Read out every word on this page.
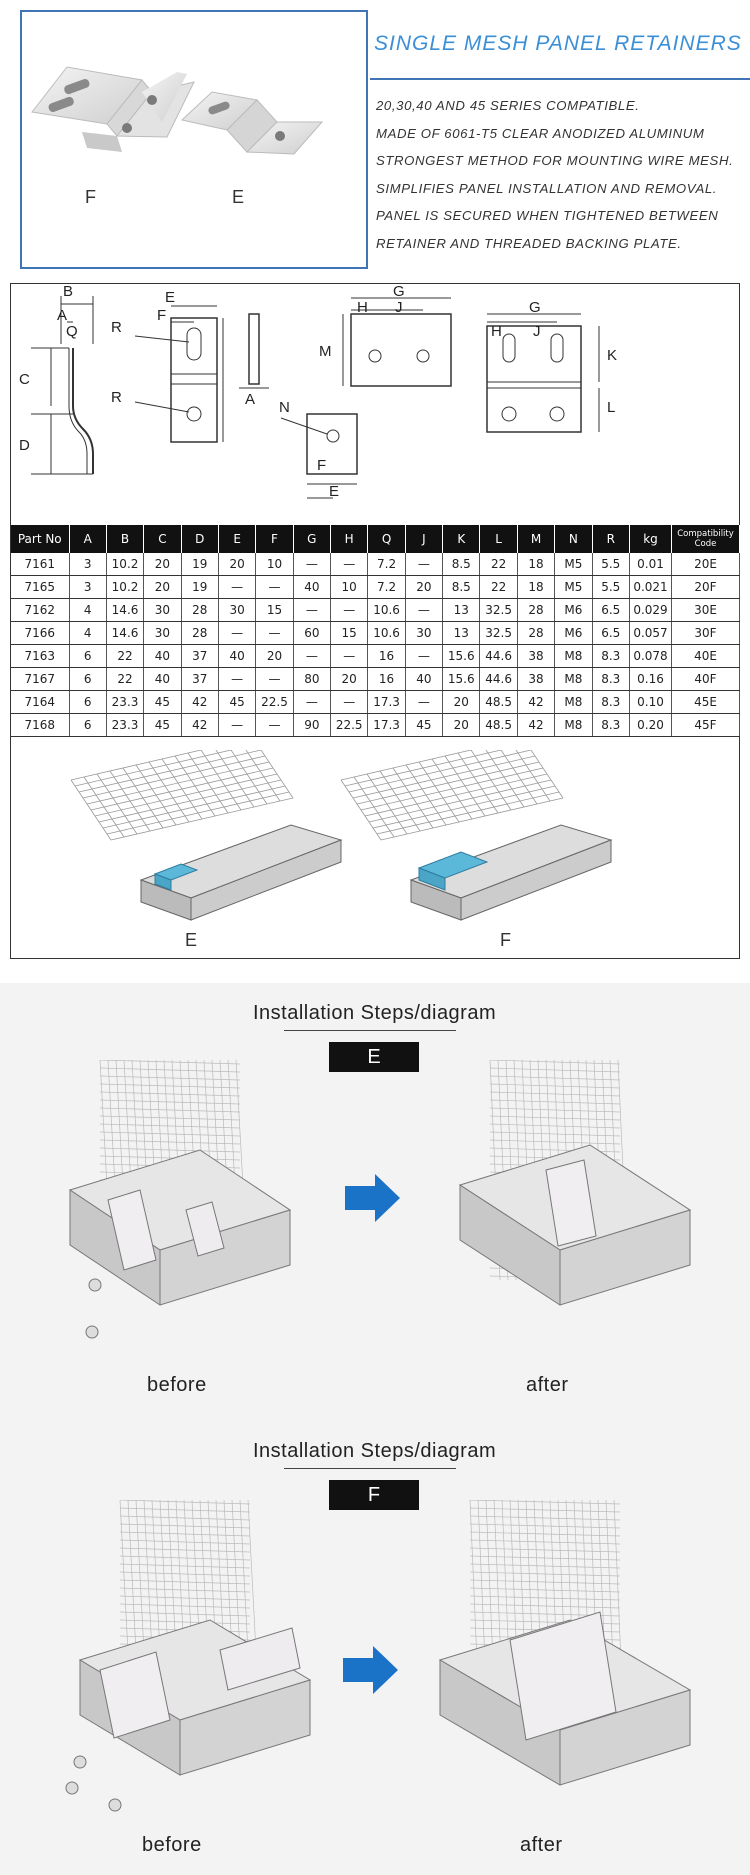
F	E
SINGLE MESH PANEL RETAINERS
20,30,40 AND 45 SERIES COMPATIBLE.
MADE OF 6061-T5 CLEAR ANODIZED ALUMINUM
STRONGEST METHOD FOR MOUNTING WIRE MESH.
SIMPLIFIES PANEL INSTALLATION AND REMOVAL.
PANEL IS SECURED WHEN TIGHTENED BETWEEN
RETAINER AND THREADED BACKING PLATE.
B
A
Q
C
D
E
F
R
R	A
G
H J
M
N
F
E
G
H J
K
L
Part No	A	B	C	D	E	F	G	H	Q	J	K	L	M	N	R	kg	Compatibility Code
7161	3	10.2	20	19	20	10	—	—	7.2	—	8.5	22	18	M5	5.5	0.01	20E
7165	3	10.2	20	19	—	—	40	10	7.2	20	8.5	22	18	M5	5.5	0.021	20F
7162	4	14.6	30	28	30	15	—	—	10.6	—	13	32.5	28	M6	6.5	0.029	30E
7166	4	14.6	30	28	—	—	60	15	10.6	30	13	32.5	28	M6	6.5	0.057	30F
7163	6	22	40	37	40	20	—	—	16	—	15.6	44.6	38	M8	8.3	0.078	40E
7167	6	22	40	37	—	—	80	20	16	40	15.6	44.6	38	M8	8.3	0.16	40F
7164	6	23.3	45	42	45	22.5	—	—	17.3	—	20	48.5	42	M8	8.3	0.10	45E
7168	6	23.3	45	42	—	—	90	22.5	17.3	45	20	48.5	42	M8	8.3	0.20	45F
E	F
Installation Steps/diagram
E
before	after
Installation Steps/diagram
F
before	after
